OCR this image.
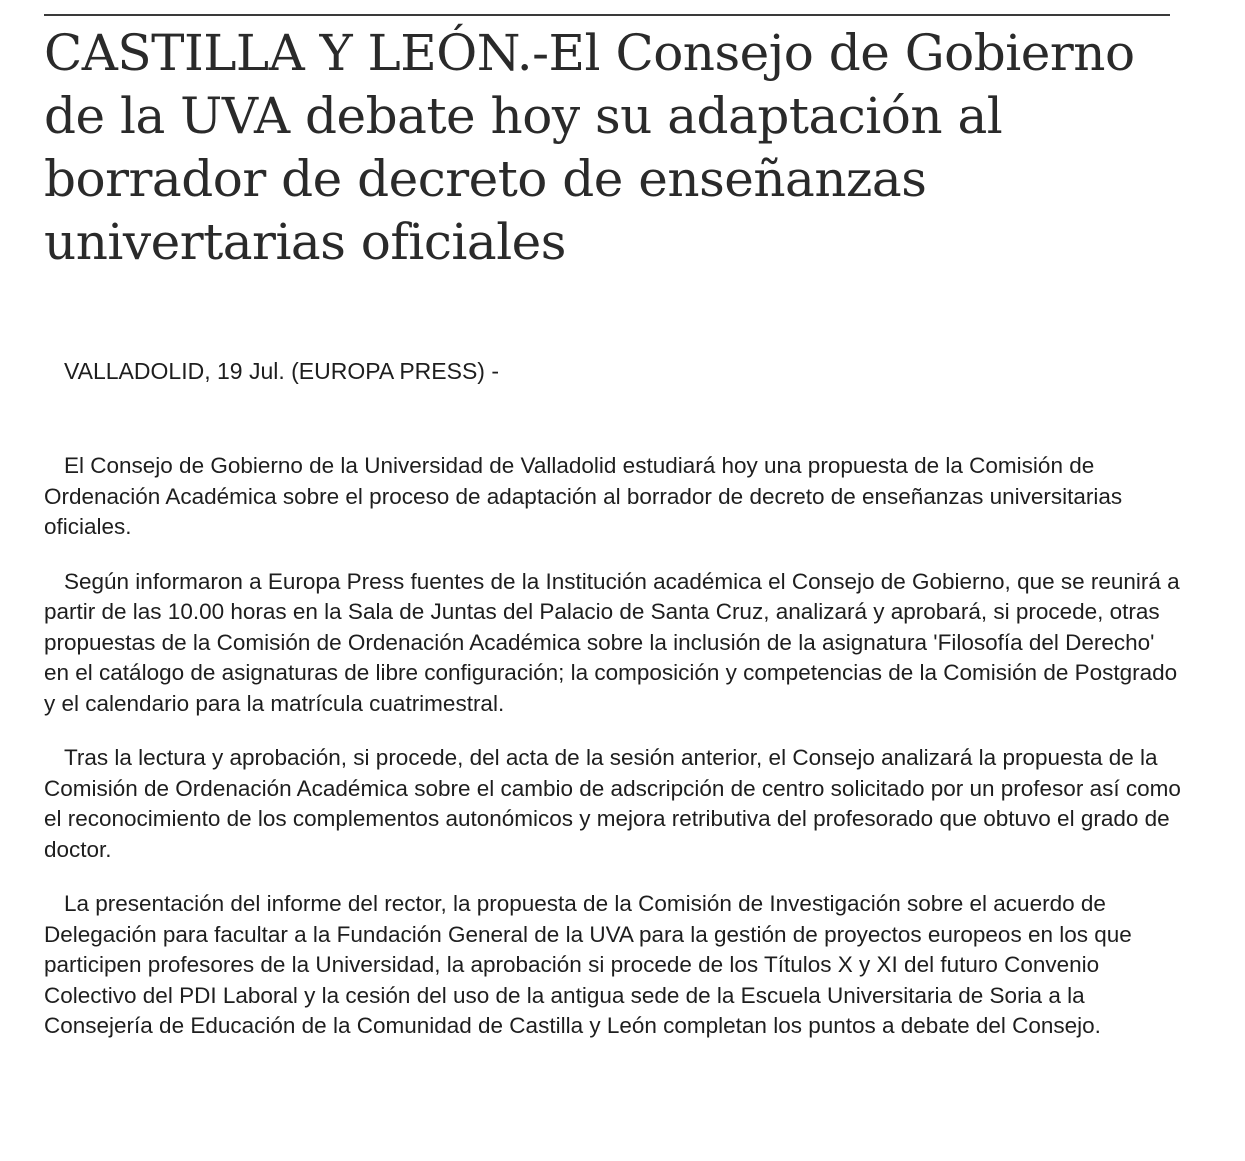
CASTILLA Y LEÓN.-El Consejo de Gobierno de la UVA debate hoy su adaptación al borrador de decreto de enseñanzas univertarias oficiales

VALLADOLID, 19 Jul. (EUROPA PRESS) -

El Consejo de Gobierno de la Universidad de Valladolid estudiará hoy una propuesta de la Comisión de Ordenación Académica sobre el proceso de adaptación al borrador de decreto de enseñanzas universitarias oficiales.

Según informaron a Europa Press fuentes de la Institución académica el Consejo de Gobierno, que se reunirá a partir de las 10.00 horas en la Sala de Juntas del Palacio de Santa Cruz, analizará y aprobará, si procede, otras propuestas de la Comisión de Ordenación Académica sobre la inclusión de la asignatura 'Filosofía del Derecho' en el catálogo de asignaturas de libre configuración; la composición y competencias de la Comisión de Postgrado y el calendario para la matrícula cuatrimestral.

Tras la lectura y aprobación, si procede, del acta de la sesión anterior, el Consejo analizará la propuesta de la Comisión de Ordenación Académica sobre el cambio de adscripción de centro solicitado por un profesor así como el reconocimiento de los complementos autonómicos y mejora retributiva del profesorado que obtuvo el grado de doctor.

La presentación del informe del rector, la propuesta de la Comisión de Investigación sobre el acuerdo de Delegación para facultar a la Fundación General de la UVA para la gestión de proyectos europeos en los que participen profesores de la Universidad, la aprobación si procede de los Títulos X y XI del futuro Convenio Colectivo del PDI Laboral y la cesión del uso de la antigua sede de la Escuela Universitaria de Soria a la Consejería de Educación de la Comunidad de Castilla y León completan los puntos a debate del Consejo.
